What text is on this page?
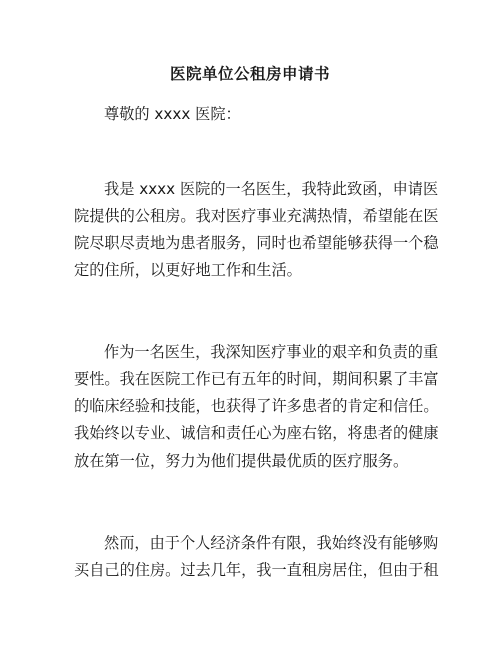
医院单位公租房申请书
尊敬的 xxxx 医院：
我是 xxxx 医院的一名医生，我特此致函，申请医
院提供的公租房。我对医疗事业充满热情，希望能在医
院尽职尽责地为患者服务，同时也希望能够获得一个稳
定的住所，以更好地工作和生活。
作为一名医生，我深知医疗事业的艰辛和负责的重
要性。我在医院工作已有五年的时间，期间积累了丰富
的临床经验和技能，也获得了许多患者的肯定和信任。
我始终以专业、诚信和责任心为座右铭，将患者的健康
放在第一位，努力为他们提供最优质的医疗服务。
然而，由于个人经济条件有限，我始终没有能够购
买自己的住房。过去几年，我一直租房居住，但由于租
